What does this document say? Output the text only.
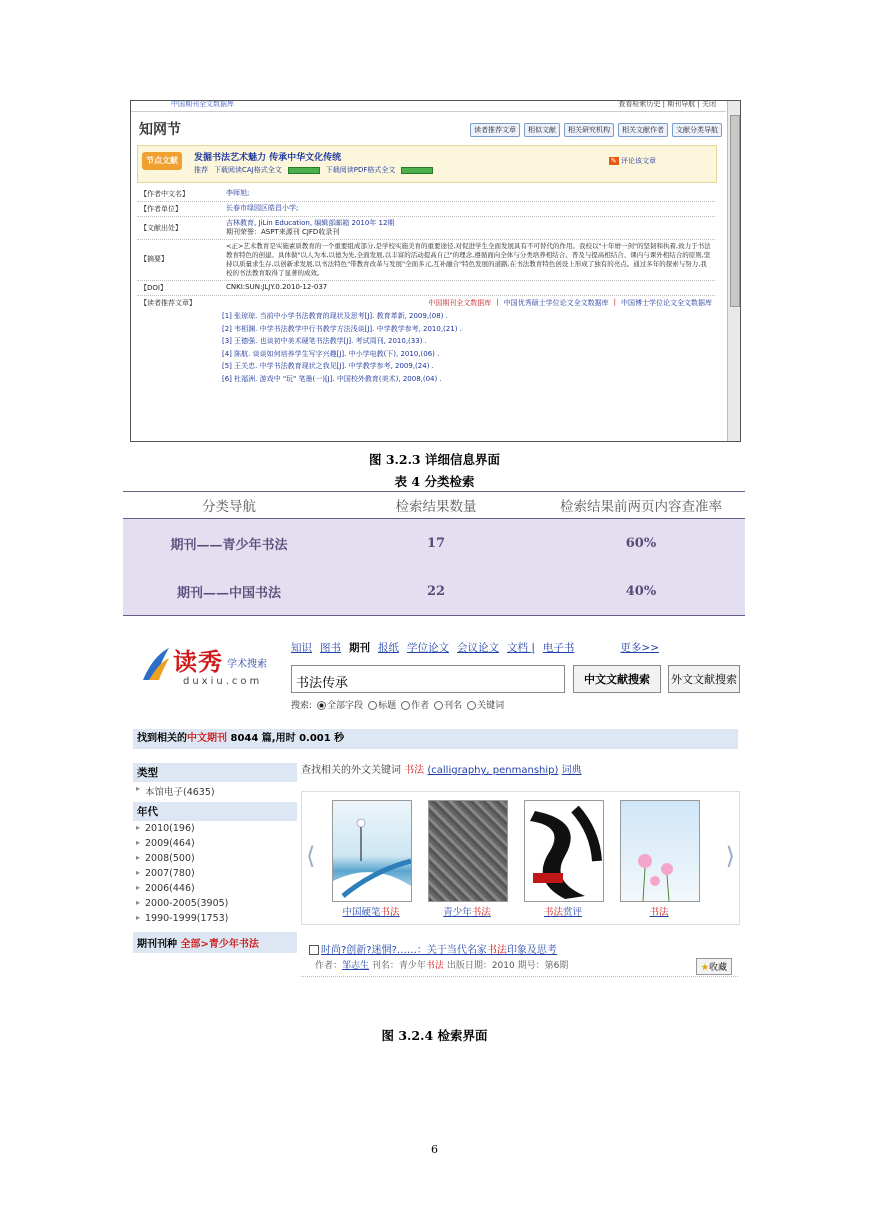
中国期刊全文数据库	查看检索历史 | 期刊导航 | 关闭
知网节	读者推荐文章	相似文献	相关研究机构	相关文献作者	文献分类导航
节点文献	发掘书法艺术魅力 传承中华文化传统
推荐 下载阅读CAJ格式全文	下载阅读PDF格式全文
✎ 评论该文章
【作者中文名】	李师旭;
【作者单位】	长春市绿园区皓昌小学;
【文献出处】
吉林教育, JiLin Education, 编辑部邮箱 2010年 12期
期刊荣誉：ASPT来源刊 CJFD收录刊
【摘要】
<正>艺术教育是实施素质教育的一个重要组成部分,是学校实施美育的重要途径,对促进学生全面发展具有不可替代的作用。我校以"十年磨一剑"的坚韧和执着,致力于书法教育特色的创建。具体做"以人为本,以德为先,全面发展,以丰富的活动提高自己"的理念,遵循面向全体与分类培养相结合、普及与提高相结合、课内与课外相结合的原则,坚持以质量求生存,以创新求发展,以书法特色"带教育改革与发展"全面多元,互补融合"特色发展的道路,在书法教育特色创设上形成了独有的亮点。通过多年的探索与努力,我校的书法教育取得了显著的成效。
【DOI】	CNKI:SUN:JLJY.0.2010-12-037
【读者推荐文章】	中国期刊全文数据库 | 中国优秀硕士学位论文全文数据库 | 中国博士学位论文全文数据库
[1] 张琼琼. 当前中小学书法教育的现状及思考[J]. 教育革新, 2009,(08) .
[2] 韦相渊. 中学书法教学中行书教学方法浅谈[J]. 中学教学参考, 2010,(21) .
[3] 王德强. 也谈初中美术硬笔书法教学[J]. 考试周刊, 2010,(33) .
[4] 陈航. 谈谈如何培养学生写字兴趣[J]. 中小学电教(下), 2010,(06) .
[5] 王关忠. 中学书法教育现状之我见[J]. 中学教学参考, 2009,(24) .
[6] 杜福洲. 游戏中 "玩" 笔墨(一)[J]. 中国校外教育(美术), 2008,(04) .
图 3.2.3 详细信息界面
表 4 分类检索
分类导航	检索结果数量	检索结果前两页内容查准率
期刊——青少年书法	17	60%
期刊——中国书法	22	40%
读秀 学术搜索
duxiu.com
知识 图书 期刊 报纸 学位论文 会议论文 文档 | 电子书	更多>>
书法传承	中文文献搜索	外文文献搜索
搜索:	全部字段	标题	作者	刊名	关键词
找到相关的中文期刊 8044 篇,用时 0.001 秒
类型
▸ 本馆电子(4635)
年代
▸ 2010(196)
▸ 2009(464)
▸ 2008(500)
▸ 2007(780)
▸ 2006(446)
▸ 2000-2005(3905)
▸ 1990-1999(1753)
期刊刊种 全部>青少年书法
查找相关的外文关键词 书法 (calligraphy, penmanship) 词典
⟨	⟩
中国硬笔书法	青少年书法	书法赏评	书法
时尚?创新?迷惘?……：关于当代名家书法印象及思考
作者：邹志生 刊名：青少年书法 出版日期：2010 期号：第6期	★收藏
图 3.2.4 检索界面
6
